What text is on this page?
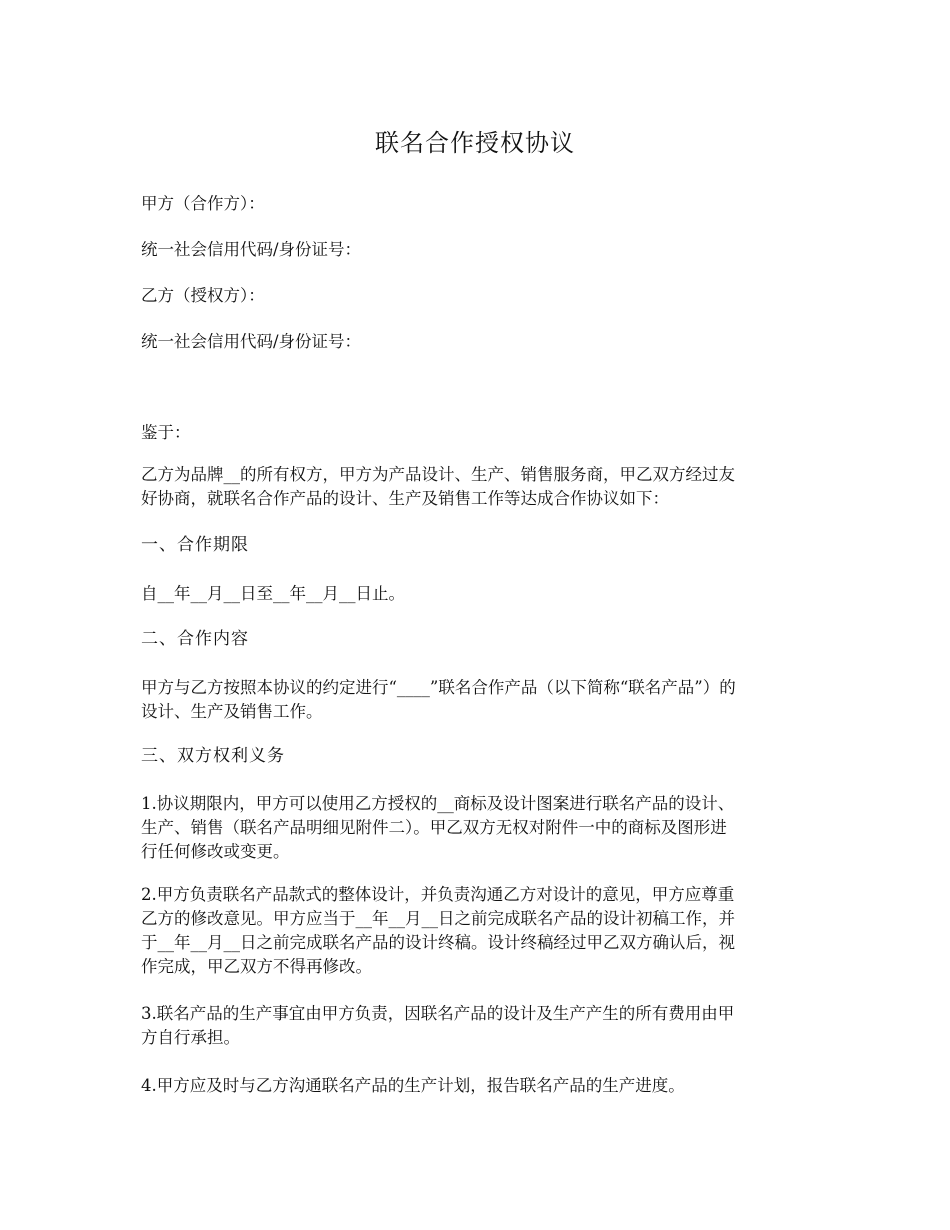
联名合作授权协议
甲方（合作方）：
统一社会信用代码/身份证号：
乙方（授权方）：
统一社会信用代码/身份证号：
鉴于：
乙方为品牌__的所有权方，甲方为产品设计、生产、销售服务商，甲乙双方经过友
好协商，就联名合作产品的设计、生产及销售工作等达成合作协议如下：
一、合作期限
自__年__月__日至__年__月__日止。
二、合作内容
甲方与乙方按照本协议的约定进行“____”联名合作产品（以下简称“联名产品”）的
设计、生产及销售工作。
三、双方权利义务
1.协议期限内，甲方可以使用乙方授权的__商标及设计图案进行联名产品的设计、
生产、销售（联名产品明细见附件二）。甲乙双方无权对附件一中的商标及图形进
行任何修改或变更。
2.甲方负责联名产品款式的整体设计，并负责沟通乙方对设计的意见，甲方应尊重
乙方的修改意见。甲方应当于__年__月__日之前完成联名产品的设计初稿工作，并
于__年__月__日之前完成联名产品的设计终稿。设计终稿经过甲乙双方确认后，视
作完成，甲乙双方不得再修改。
3.联名产品的生产事宜由甲方负责，因联名产品的设计及生产产生的所有费用由甲
方自行承担。
4.甲方应及时与乙方沟通联名产品的生产计划，报告联名产品的生产进度。
